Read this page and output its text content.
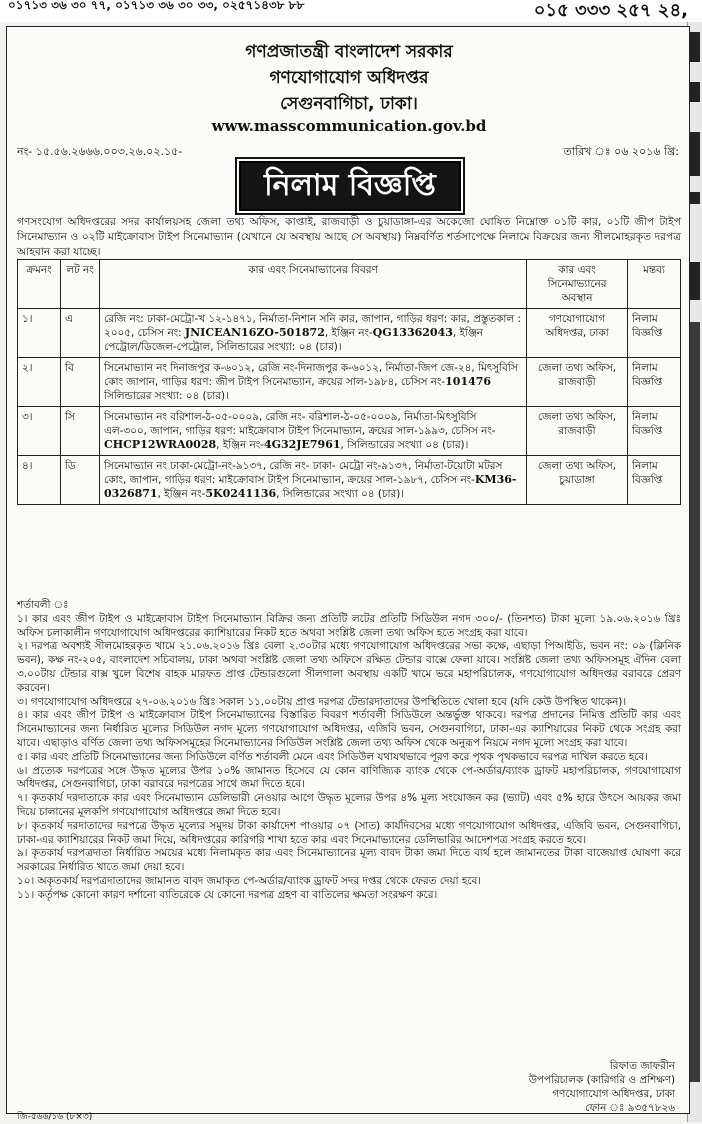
০১৭১৩ ৩৬ ৩০ ৭৭, ০১৭১৩ ৩৬ ৩০ ৩৩, ০২৫৭১৪৩৮ ৮৮	০১৫ ৩৩৩ ২৫৭ ২৪,
গণপ্রজাতন্ত্রী বাংলাদেশ সরকার
গণযোগাযোগ অধিদপ্তর
সেগুনবাগিচা, ঢাকা।
www.masscommunication.gov.bd
নং- ১৫.৫৬.২৬৬৬.০০৩.২৬.০২.১৫-	তারিখ ঃ ০৬ ২০১৬ খ্রি:
নিলাম বিজ্ঞপ্তি
গণসংযোগ অধিদপ্তরের সদর কার্যালয়সহ জেলা তথ্য অফিস, কাপ্তাই, রাজবাড়ী ও চুয়াডাঙ্গা-এর অকেজো ঘোষিত নিম্নোক্ত ০১টি কার, ০১টি জীপ টাইপ সিনেমাভ্যান ও ০২টি মাইক্রোবাস টাইপ সিনেমাভ্যান (যেখানে যে অবস্থায় আছে সে অবস্থায়) নিম্নবর্ণিত শর্তসাপেক্ষে নিলামে বিক্রয়ের জন্য সীলমোহরকৃত দরপত্র আহবান করা যাচ্ছে।
ক্রমনং	লট নং	কার এবং সিনেমাভ্যানের বিবরণ	কার এবং সিনেমাভ্যানের অবস্থান	মন্তব্য
১।	এ	রেজি নং: ঢাকা-মেট্রো-খ ১২-১৪৭১, নির্মাতা-নিশান সনি কার, জাপান, গাড়ির ধরণ: কার, প্রস্তুতকাল : ২০০৫, চেসিস নং: JNICEAN16ZO-501872, ইঞ্জিন নং-QG13362043, ইঞ্জিন পেট্রোল/ডিজেল-পেট্রোল, সিলিন্ডারের সংখ্যা: ০৪ (চার)।	গণযোগাযোগ অধিদপ্তর, ঢাকা	নিলাম বিজ্ঞপ্তি
২।	বি	সিনেমাভ্যান নং দিনাজপুর ক-৬০১২, রেজি নং-দিনাজপুর ক-৬০১২, নির্মাতা-জিপ জে-২৪, মিৎসুবিসি কোং জাপান, গাড়ির ধরণ: জীপ টাইপ সিনেমাভ্যান, ক্রয়ের সাল-১৯৮৪, চেসিস নং-101476 সিলিন্ডারের সংখ্যা: ০৪ (চার)।	জেলা তথ্য অফিস, রাজবাড়ী	নিলাম বিজ্ঞপ্তি
৩।	সি	সিনেমাভ্যান নং বরিশাল-ঠ-০৫-০০০৯, রেজি নং- বরিশাল-ঠ-০৫-০০০৯, নির্মাতা-মিৎসুবিসি এল-৩০০, জাপান, গাড়ির ধরণ: মাইক্রোবাস টাইপ সিনেমাভ্যান, ক্রয়ের সাল-১৯৯৩, চেসিস নং-CHCP12WRA0028, ইঞ্জিন নং-4G32JE7961, সিলিন্ডারের সংখ্যা ০৪ (চার)।	জেলা তথ্য অফিস, রাজবাড়ী	নিলাম বিজ্ঞপ্তি
৪।	ডি	সিনেমাভ্যান নং ঢাকা-মেট্রো-নং-৯১৩৭, রেজি নং- ঢাকা- মেট্রো নং-৯১৩৭, নির্মাতা-টয়োটা মটরস কোং, জাপান, গাড়ির ধরণ: মাইক্রোবাস টাইপ সিনেমাভ্যান, ক্রয়ের সাল-১৯৮৭, চেসিস নং-KM36-0326871, ইঞ্জিন নং-5K0241136, সিলিন্ডারের সংখ্যা ০৪ (চার)।	জেলা তথ্য অফিস, চুয়াডাঙ্গা	নিলাম বিজ্ঞপ্তি

শর্তাবলী ঃ

১। কার এবং জীপ টাইপ ও মাইক্রোবাস টাইপ সিনেমাভ্যান বিক্রির জন্য প্রতিটি লটের প্রতিটি সিডিউল নগদ ৩০০/- (তিনশত) টাকা মূল্যে ১৯.০৬.২০১৬ খ্রিঃ অফিস চলাকালীন গণযোগাযোগ অধিদপ্তরের ক্যাশিয়ারের নিকট হতে অথবা সংশ্লিষ্ট জেলা তথ্য অফিস হতে সংগ্রহ করা যাবে।

২। দরপত্র অবশ্যই সীলমোহরকৃত খামে ২১.০৬.২০১৬ খ্রিঃ বেলা ২.৩০টার মধ্যে গণযোগাযোগ অধিদপ্তরের সভা কক্ষে, এছাড়া পিআইডি, ভবন নং: ০৯ (ক্লিনিক ভবন), কক্ষ নং-২০৫, বাংলাদেশ সচিবালয়, ঢাকা অথবা সংশ্লিষ্ট জেলা তথ্য অফিসে রক্ষিত টেন্ডার বাক্সে ফেলা যাবে। সংশ্লিষ্ট জেলা তথ্য অফিসসমূহ ঐদিন বেলা ৩.০০টায় টেন্ডার বাক্স খুলে বিশেষ বাহক মারফত প্রাপ্ত টেন্ডারগুলো সীলগালা অবস্থায় একটি খামে ভরে মহাপরিচালক, গণযোগাযোগ অধিদপ্তর বরাবরে প্রেরণ করবেন।

৩। গণযোগাযোগ অধিদপ্তরে ২৭-০৬.২০১৬ খ্রিঃ সকাল ১১.০০টায় প্রাপ্ত দরপত্র টেন্ডারদাতাদের উপস্থিতিতে খোলা হবে (যদি কেউ উপস্থিত থাকেন)।

৪। কার এবং জীপ টাইপ ও মাইক্রোবাস টাইপ সিনেমাভ্যানের বিস্তারিত বিবরণ শর্তাবলী সিডিউলে অন্তর্ভুক্ত থাকবে। দরপত্র প্রদানের নিমিত্ত প্রতিটি কার এবং সিনেমাভ্যানের জন্য নির্ধারিত মূল্যের সিডিউল নগদ মূল্যে গণযোগাযোগ অধিদপ্তর, এজিবি ভবন, সেগুনবাগিচা, ঢাকা-এর ক্যাশিয়ারের নিকট থেকে সংগ্রহ করা যাবে। এছাড়াও বর্ণিত জেলা তথ্য অফিসসমূহের সিনেমাভ্যানের সিডিউল সংশ্লিষ্ট জেলা তথ্য অফিস থেকে অনুরূপ নিয়মে নগদ মূল্যে সংগ্রহ করা যাবে।

৫। কার এবং প্রতিটি সিনেমাভ্যানের জন্য সিডিউলে বর্ণিত শর্তাবলী মেনে এবং সিডিউল যথাযথভাবে পূরণ করে পৃথক পৃথকভাবে দরপত্র দাখিল করতে হবে।

৬। প্রত্যেক দরপত্রের সঙ্গে উদ্ধৃত মূল্যের উপর ১০% জামানত হিসেবে যে কোন বাণিজ্যিক ব্যাংক থেকে পে-অর্ডার/ব্যাংক ড্রাফট মহাপরিচালক, গণযোগাযোগ অধিদপ্তর, সেগুনবাগিচা, ঢাকা বরাবরে দরপত্রের সাথে জমা দিতে হবে।

৭। কৃতকার্য দরদাতাকে কার এবং সিনেমাভ্যান ডেলিভারী নেওয়ার আগে উদ্ধৃত মূল্যের উপর ৪% মূল্য সংযোজন কর (ভ্যাট) এবং ৫% হারে উৎসে আয়কর জমা দিয়ে চালানের মূলকপি গণযোগাযোগ অধিদপ্তরে জমা দিতে হবে।

৮। কৃতকার্য দরদাতাদের দরপত্রে উদ্ধৃত মূল্যের সমুদয় টাকা কার্যাদেশ পাওয়ার ০৭ (সাত) কার্যদিবসের মধ্যে গণযোগাযোগ অধিদপ্তর, এজিবি ভবন, সেগুনবাগিচা, ঢাকা-এর ক্যাশিয়ারের নিকট জমা দিয়ে, অধিদপ্তরের কারিগরি শাখা হতে কার এবং সিনেমাভ্যানের ডেলিভারির আদেশপত্র সংগ্রহ করতে হবে।

৯। কৃতকার্য দরপত্রদাতা নির্ধারিত সময়ের মধ্যে নিলামকৃত কার এবং সিনেমাভ্যানের মূল্য বাবদ টাকা জমা দিতে ব্যর্থ হলে জামানতের টাকা বাজেয়াপ্ত ঘোষণা করে সরকারের নির্ধারিত খাতে জমা দেয়া হবে।

১০। অকৃতকার্য দরপত্রদাতাদের জামানত বাবদ জমাকৃত পে-অর্ডার/ব্যাংক ড্রাফট সদর দপ্তর থেকে ফেরত দেয়া হবে।

১১। কর্তৃপক্ষ কোনো কারণ দর্শানো ব্যতিরেকে যে কোনো দরপত্র গ্রহণ বা বাতিলের ক্ষমতা সংরক্ষণ করে।

রিফাত জাফরীন
উপপরিচালক (কারিগরি ও প্রশিক্ষণ)
গণযোগাযোগ অধিদপ্তর, ঢাকা
ফোন ঃ ৯৩৫৭৮২৬
জি-৫৬৬/১৬ (৮×৩)
